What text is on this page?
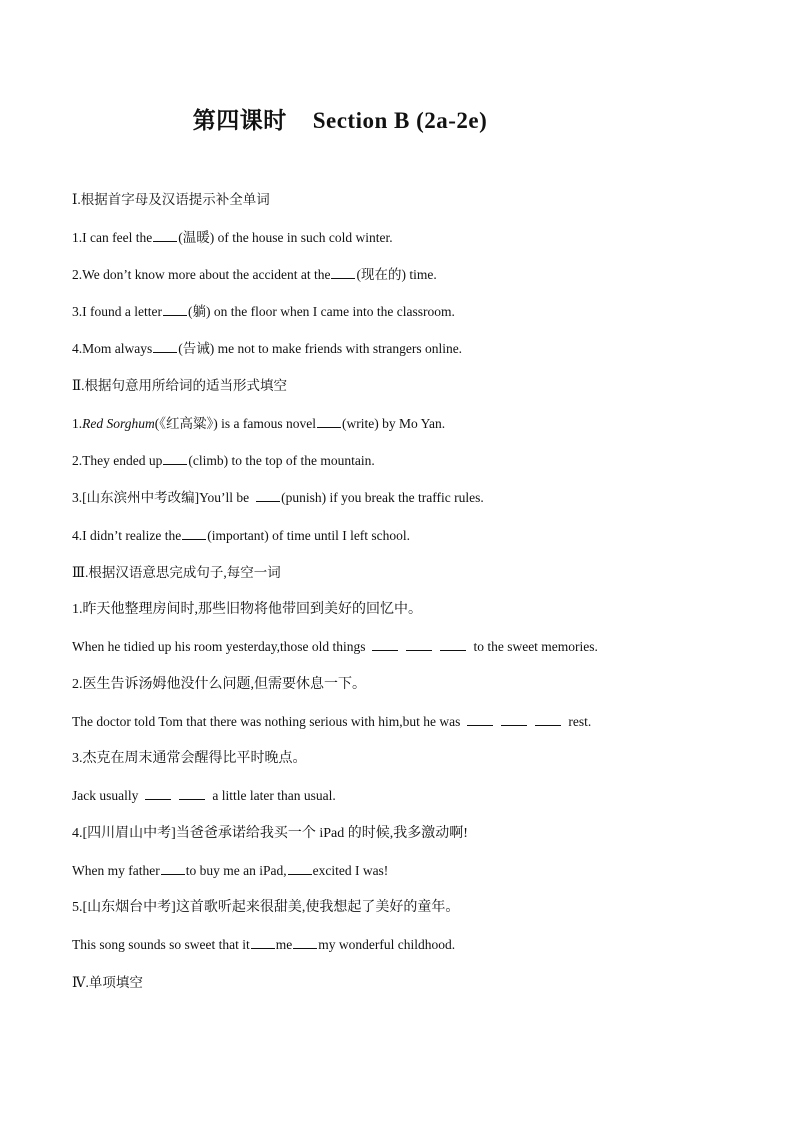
第四课时 Section B (2a-2e)
Ⅰ.根据首字母及汉语提示补全单词
1.I can feel the (温暖) of the house in such cold winter.
2.We don’t know more about the accident at the (现在的) time.
3.I found a letter (躺) on the floor when I came into the classroom.
4.Mom always (告诫) me not to make friends with strangers online.
Ⅱ.根据句意用所给词的适当形式填空
1.Red Sorghum(《红高粱》) is a famous novel (write) by Mo Yan.
2.They ended up (climb) to the top of the mountain.
3.[山东滨州中考改编]You’ll be (punish) if you break the traffic rules.
4.I didn’t realize the (important) of time until I left school.
Ⅲ.根据汉语意思完成句子,每空一词
1.昨天他整理房间时,那些旧物将他带回到美好的回忆中。
When he tidied up his room yesterday,those old things	to the sweet memories.
2.医生告诉汤姆他没什么问题,但需要休息一下。
The doctor told Tom that there was nothing serious with him,but he was	rest.
3.杰克在周末通常会醒得比平时晚点。
Jack usually	a little later than usual.
4.[四川眉山中考]当爸爸承诺给我买一个 iPad 的时候,我多激动啊!
When my father to buy me an iPad, excited I was!
5.[山东烟台中考]这首歌听起来很甜美,使我想起了美好的童年。
This song sounds so sweet that it me my wonderful childhood.
Ⅳ.单项填空
